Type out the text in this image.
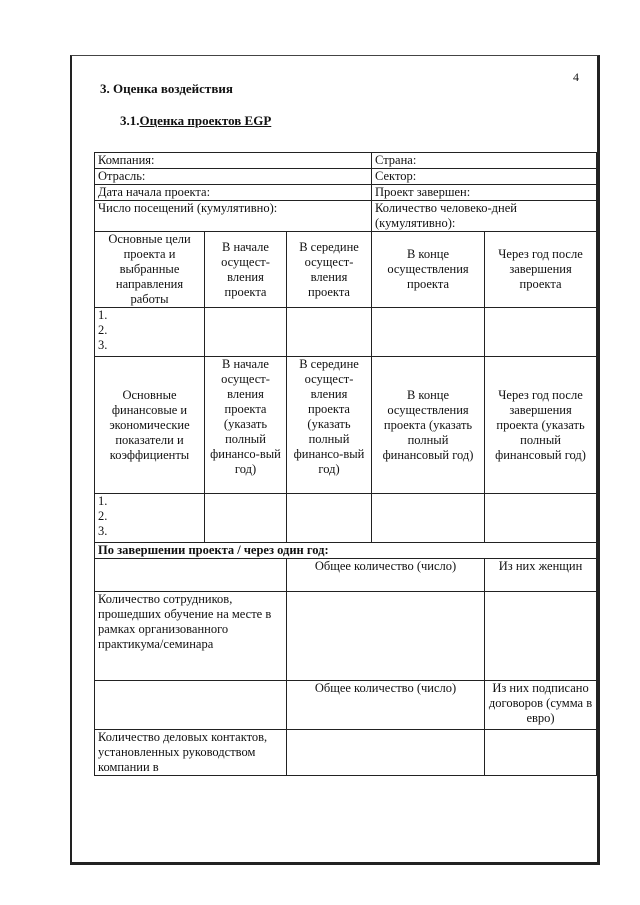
4
3. Оценка воздействия
3.1.Оценка проектов EGP
Компания:			Страна:	
Отрасль:			Сектор:	
Дата начала проекта:			Проект завершен:	
Число посещений (кумулятивно):			Количество человеко-дней (кумулятивно):	
Основные цели проекта и выбранные направления работы	В начале осущест-вления проекта	В середине осущест-вления проекта	В конце осуществления проекта	Через год после завершения проекта

1.
2.
3.				

Основные финансовые и экономические показатели и коэффициенты	В начале осущест-вления проекта (указать полный финансо-вый год)	В середине осущест-вления проекта (указать полный финансо-вый год)	В конце осуществления проекта (указать полный финансовый год)	Через год после завершения проекта (указать полный финансовый год)

1.
2.
3.				

По завершении проекта / через один год:				
		Общее количество (число)		Из них женщин
Количество сотрудников, прошедших обучение на месте в рамках организованного практикума/семинара				
		Общее количество (число)		Из них подписано договоров (сумма в евро)
Количество деловых контактов, установленных руководством компании в				
